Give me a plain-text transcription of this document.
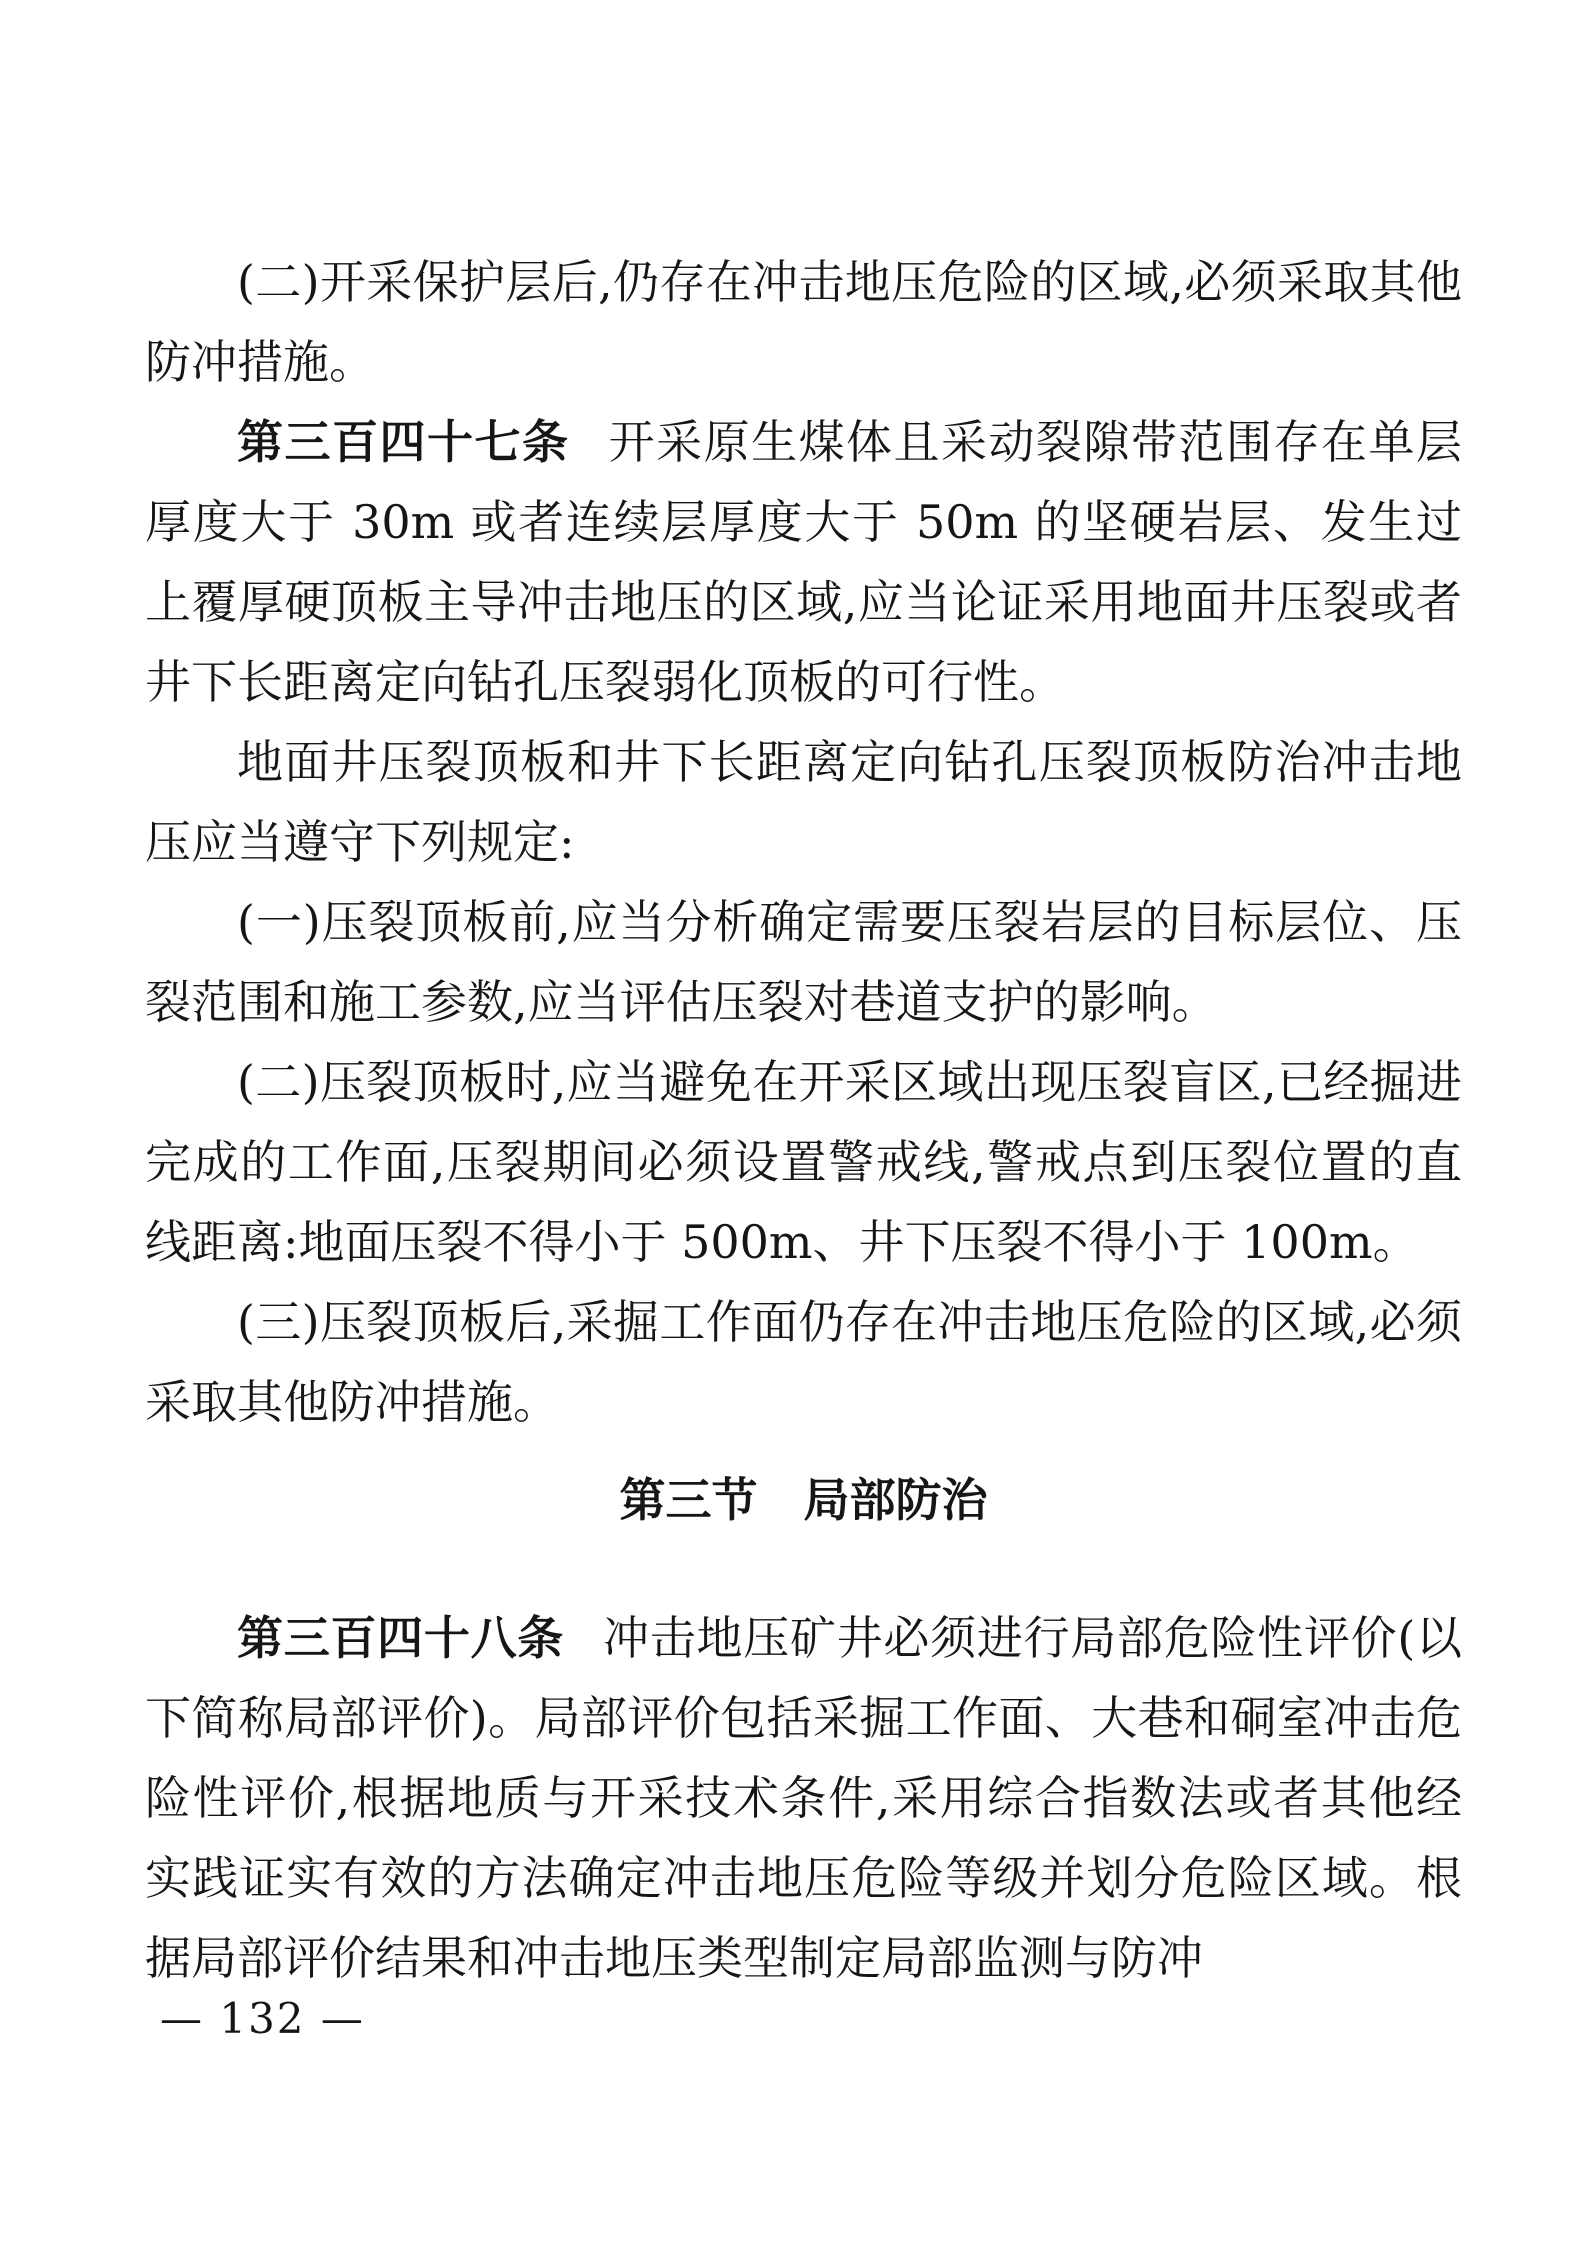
(二)开采保护层后,仍存在冲击地压危险的区域,必须采取其他防冲措施。

第三百四十七条 开采原生煤体且采动裂隙带范围存在单层厚度大于 30m 或者连续层厚度大于 50m 的坚硬岩层、发生过上覆厚硬顶板主导冲击地压的区域,应当论证采用地面井压裂或者井下长距离定向钻孔压裂弱化顶板的可行性。

地面井压裂顶板和井下长距离定向钻孔压裂顶板防治冲击地压应当遵守下列规定:

(一)压裂顶板前,应当分析确定需要压裂岩层的目标层位、压裂范围和施工参数,应当评估压裂对巷道支护的影响。

(二)压裂顶板时,应当避免在开采区域出现压裂盲区,已经掘进完成的工作面,压裂期间必须设置警戒线,警戒点到压裂位置的直线距离:地面压裂不得小于 500m、井下压裂不得小于 100m。

(三)压裂顶板后,采掘工作面仍存在冲击地压危险的区域,必须采取其他防冲措施。

第三节　局部防治

第三百四十八条 冲击地压矿井必须进行局部危险性评价(以下简称局部评价)。局部评价包括采掘工作面、大巷和硐室冲击危险性评价,根据地质与开采技术条件,采用综合指数法或者其他经实践证实有效的方法确定冲击地压危险等级并划分危险区域。根据局部评价结果和冲击地压类型制定局部监测与防冲

— 132 —
